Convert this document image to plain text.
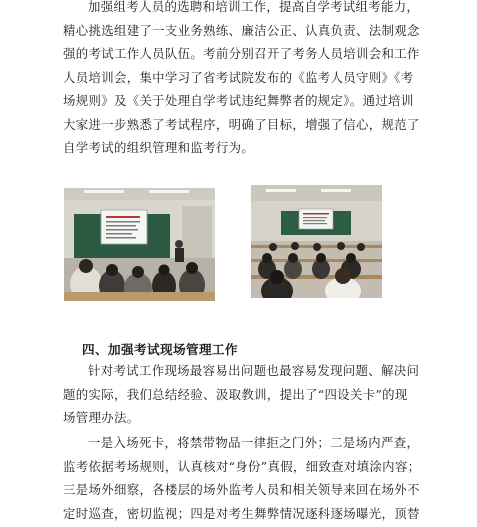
加强组考人员的选聘和培训工作，提高自学考试组考能力，
精心挑选组建了一支业务熟练、廉洁公正、认真负责、法制观念
强的考试工作人员队伍。考前分别召开了考务人员培训会和工作
人员培训会，集中学习了省考试院发布的《监考人员守则》《考
场规则》及《关于处理自学考试违纪舞弊者的规定》。通过培训
大家进一步熟悉了考试程序，明确了目标，增强了信心，规范了
自学考试的组织管理和监考行为。

四、加强考试现场管理工作

针对考试工作现场最容易出问题也最容易发现问题、解决问
题的实际，我们总结经验、汲取教训，提出了“四设关卡”的现
场管理办法。

一是入场死卡，将禁带物品一律拒之门外；二是场内严查，
监考依据考场规则，认真核对“身份”真假，细致查对填涂内容；
三是场外细察，各楼层的场外监考人员和相关领导来回在场外不
定时巡查，密切监视；四是对考生舞弊情况逐科逐场曝光，顶替
